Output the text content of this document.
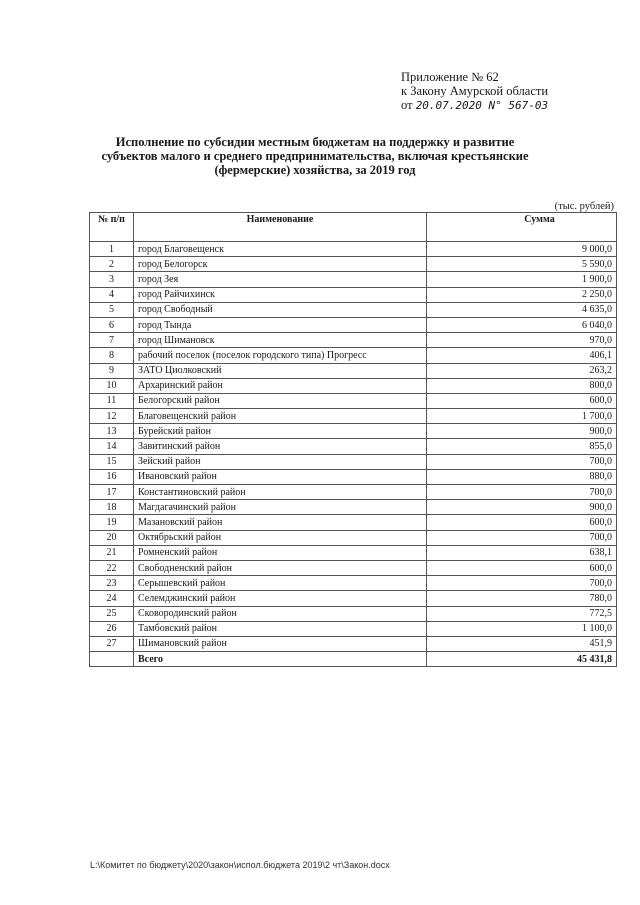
Приложение № 62
к Закону Амурской области
от 20.07.2020 N° 567-03
Исполнение по субсидии местным бюджетам на поддержку и развитие субъектов малого и среднего предпринимательства, включая крестьянские (фермерские) хозяйства, за 2019 год
(тыс. рублей)
№ п/п	Наименование	Сумма
1	город Благовещенск	9 000,0
2	город Белогорск	5 590,0
3	город Зея	1 900,0
4	город Райчихинск	2 250,0
5	город Свободный	4 635,0
6	город Тында	6 040,0
7	город Шимановск	970,0
8	рабочий поселок (поселок городского типа) Прогресс	406,1
9	ЗАТО Циолковский	263,2
10	Архаринский район	800,0
11	Белогорский район	600,0
12	Благовещенский район	1 700,0
13	Бурейский район	900,0
14	Завитинский район	855,0
15	Зейский район	700,0
16	Ивановский район	880,0
17	Константиновский район	700,0
18	Магдагачинский район	900,0
19	Мазановский район	600,0
20	Октябрьский район	700,0
21	Ромненский район	638,1
22	Свободненский район	600,0
23	Серышевский район	700,0
24	Селемджинский район	780,0
25	Сковородинский район	772,5
26	Тамбовский район	1 100,0
27	Шимановский район	451,9
	Всего	45 431,8
L:\Комитет по бюджету\2020\закон\испол.бюджета 2019\2 чт\Закон.docx
